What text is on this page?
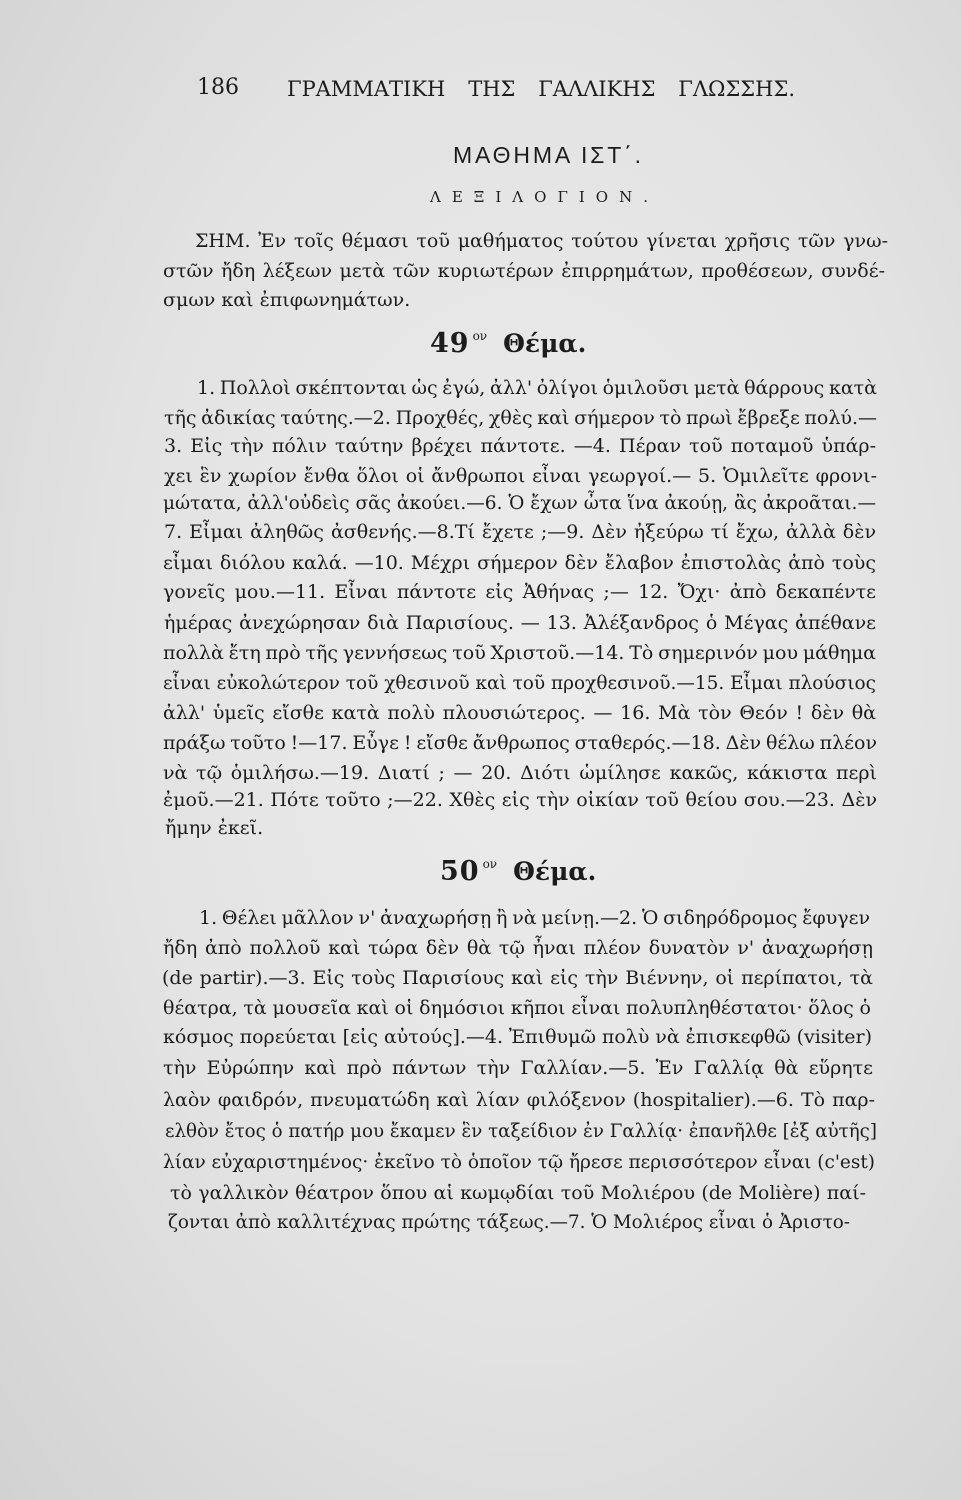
186 ΓΡΑΜΜΑΤΙΚΗ ΤΗΣ ΓΑΛΛΙΚΗΣ ΓΛΩΣΣΗΣ.
ΜΑΘΗΜΑ ΙΣΤ΄.
ΛΕΞΙΛΟΓΙΟΝ.
ΣΗΜ. Ἐν τοῖς θέμασι τοῦ μαθήματος τούτου γίνεται χρῆσις τῶν γνω-
στῶν ἤδη λέξεων μετὰ τῶν κυριωτέρων ἐπιρρημάτων, προθέσεων, συνδέ-
σμων καὶ ἐπιφωνημάτων.
49 ον Θέμα.
1. Πολλοὶ σκέπτονται ὡς ἐγώ, ἀλλ' ὀλίγοι ὁμιλοῦσι μετὰ θάρρους κατὰ
τῆς ἀδικίας ταύτης.—2. Προχθές, χθὲς καὶ σήμερον τὸ πρωὶ ἔβρεξε πολύ.—
3. Εἰς τὴν πόλιν ταύτην βρέχει πάντοτε. —4. Πέραν τοῦ ποταμοῦ ὑπάρ-
χει ἓν χωρίον ἔνθα ὅλοι οἱ ἄνθρωποι εἶναι γεωργοί.— 5. Ὁμιλεῖτε φρονι-
μώτατα, ἀλλ'οὐδεὶς σᾶς ἀκούει.—6. Ὁ ἔχων ὦτα ἵνα ἀκούῃ, ἂς ἀκροᾶται.—
7. Εἶμαι ἀληθῶς ἀσθενής.—8.Τί ἔχετε ;—9. Δὲν ἠξεύρω τί ἔχω, ἀλλὰ δὲν
εἶμαι διόλου καλά. —10. Μέχρι σήμερον δὲν ἔλαβον ἐπιστολὰς ἀπὸ τοὺς
γονεῖς μου.—11. Εἶναι πάντοτε εἰς Ἀθήνας ;— 12. Ὄχι· ἀπὸ δεκαπέντε
ἡμέρας ἀνεχώρησαν διὰ Παρισίους. — 13. Ἀλέξανδρος ὁ Μέγας ἀπέθανε
πολλὰ ἔτη πρὸ τῆς γεννήσεως τοῦ Χριστοῦ.—14. Τὸ σημερινόν μου μάθημα
εἶναι εὐκολώτερον τοῦ χθεσινοῦ καὶ τοῦ προχθεσινοῦ.—15. Εἶμαι πλούσιος
ἀλλ' ὑμεῖς εἴσθε κατὰ πολὺ πλουσιώτερος. — 16. Μὰ τὸν Θεόν ! δὲν θὰ
πράξω τοῦτο !—17. Εὖγε ! εἴσθε ἄνθρωπος σταθερός.—18. Δὲν θέλω πλέον
νὰ τῷ ὁμιλήσω.—19. Διατί ; — 20. Διότι ὡμίλησε κακῶς, κάκιστα περὶ
ἐμοῦ.—21. Πότε τοῦτο ;—22. Χθὲς εἰς τὴν οἰκίαν τοῦ θείου σου.—23. Δὲν
ἤμην ἐκεῖ.
50 ον Θέμα.
1. Θέλει μᾶλλον ν' ἀναχωρήσῃ ἢ νὰ μείνῃ.—2. Ὁ σιδηρόδρομος ἔφυγεν
ἤδη ἀπὸ πολλοῦ καὶ τώρα δὲν θὰ τῷ ἦναι πλέον δυνατὸν ν' ἀναχωρήσῃ
(de partir).—3. Εἰς τοὺς Παρισίους καὶ εἰς τὴν Βιέννην, οἱ περίπατοι, τὰ
θέατρα, τὰ μουσεῖα καὶ οἱ δημόσιοι κῆποι εἶναι πολυπληθέστατοι· ὅλος ὁ
κόσμος πορεύεται [εἰς αὐτούς].—4. Ἐπιθυμῶ πολὺ νὰ ἐπισκεφθῶ (visiter)
τὴν Εὐρώπην καὶ πρὸ πάντων τὴν Γαλλίαν.—5. Ἐν Γαλλίᾳ θὰ εὕρητε
λαὸν φαιδρόν, πνευματώδη καὶ λίαν φιλόξενον (hospitalier).—6. Τὸ παρ-
ελθὸν ἔτος ὁ πατήρ μου ἔκαμεν ἓν ταξείδιον ἐν Γαλλίᾳ· ἐπανῆλθε [ἐξ αὐτῆς]
λίαν εὐχαριστημένος· ἐκεῖνο τὸ ὁποῖον τῷ ἤρεσε περισσότερον εἶναι (c'est)
τὸ γαλλικὸν θέατρον ὅπου αἱ κωμῳδίαι τοῦ Μολιέρου (de Molière) παί-
ζονται ἀπὸ καλλιτέχνας πρώτης τάξεως.—7. Ὁ Μολιέρος εἶναι ὁ Ἀριστο-
